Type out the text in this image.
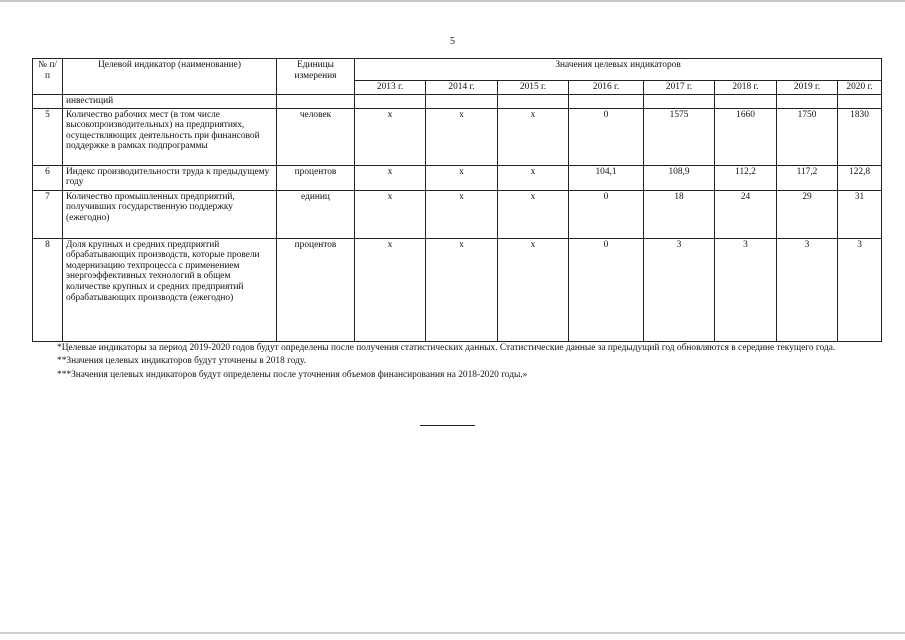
5
№ п/п	Целевой индикатор (наименование)	Единицы измерения	Значения целевых индикаторов							
			2013 г.	2014 г.	2015 г.	2016 г.	2017 г.	2018 г.	2019 г.	2020 г.
	инвестиций									
5	Количество рабочих мест (в том числе высокопроизводительных) на предприятиях, осуществляющих деятельность при финансовой поддержке в рамках подпрограммы	человек	х	х	х	0	1575	1660	1750	1830
6	Индекс производительности труда к предыдущему году	процентов	х	х	х	104,1	108,9	112,2	117,2	122,8
7	Количество промышленных предприятий, получивших государственную поддержку (ежегодно)	единиц	х	х	х	0	18	24	29	31
8	Доля крупных и средних предприятий обрабатывающих производств, которые провели модернизацию техпроцесса с применением энергоэффективных технологий в общем количестве крупных и средних предприятий обрабатывающих производств (ежегодно)	процентов	х	х	х	0	3	3	3	3

*Целевые индикаторы за период 2019-2020 годов будут определены после получения статистических данных. Статистические данные за предыдущий год обновляются в середине текущего года.

**Значения целевых индикаторов будут уточнены в 2018 году.

***Значения целевых индикаторов будут определены после уточнения объемов финансирования на 2018-2020 годы.»
